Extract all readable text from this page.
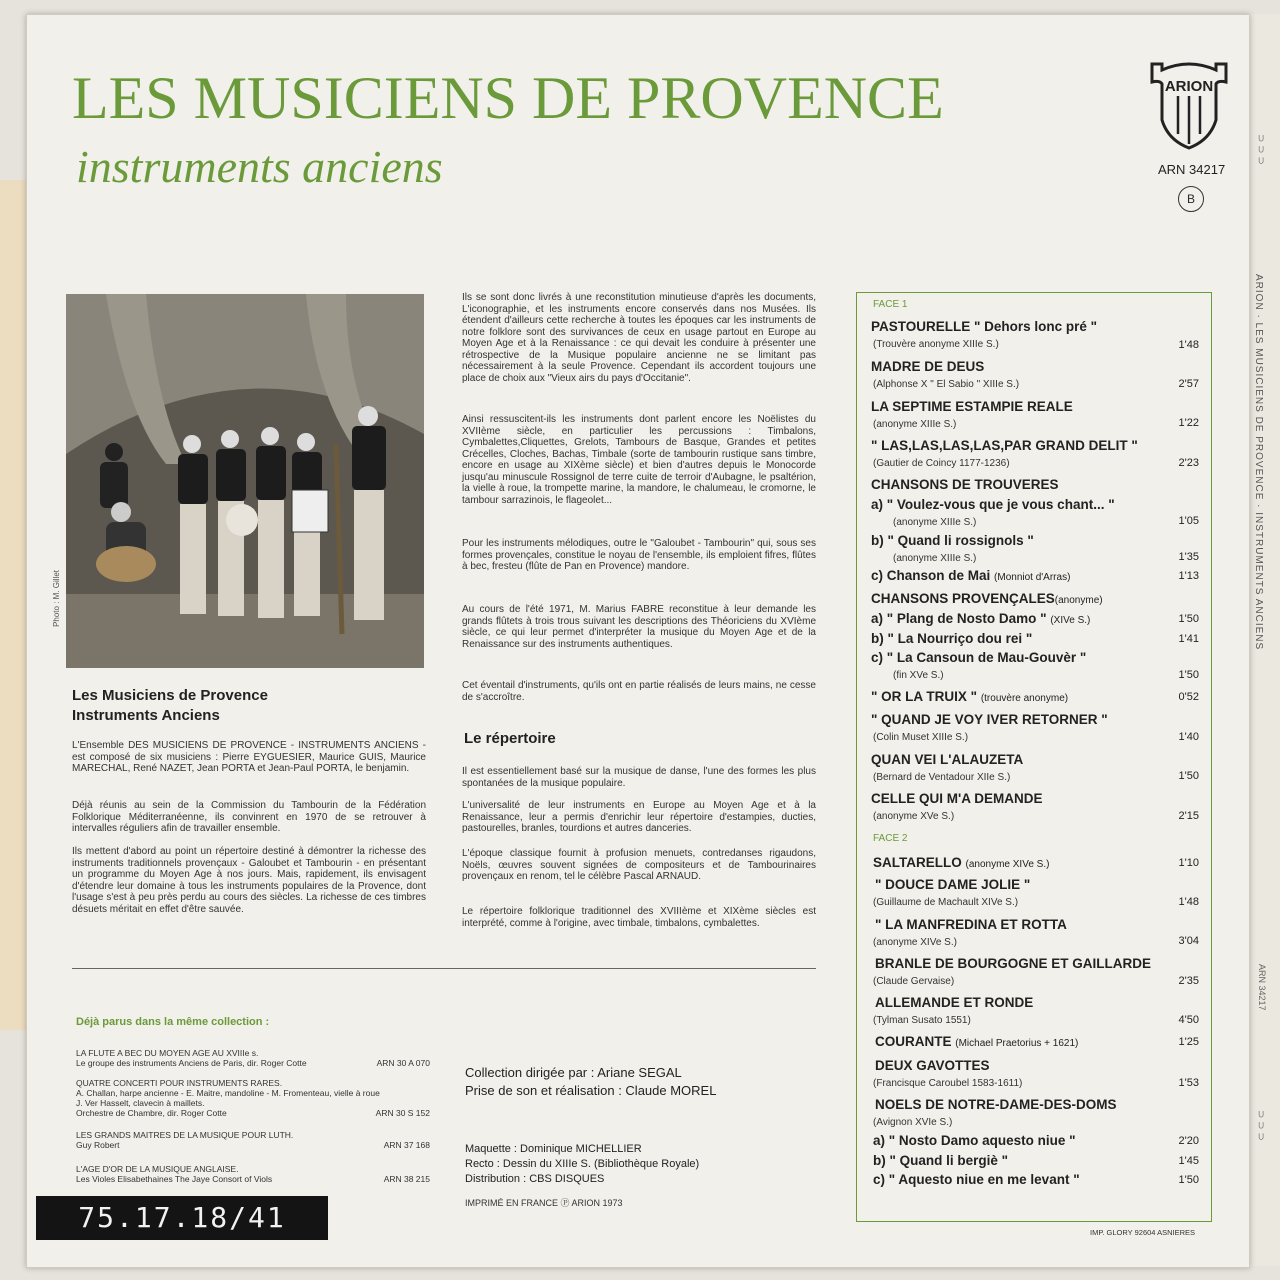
⊃ ⊃ ⊃
ARION · LES MUSICIENS DE PROVENCE · INSTRUMENTS ANCIENS
ARN 34217
⊃ ⊃ ⊃
LES MUSICIENS DE PROVENCE
instruments anciens
ARION
ARN 34217
B
Photo : M. Gillet
Les Musiciens de Provence
Instruments Anciens
L'Ensemble DES MUSICIENS DE PROVENCE - INSTRUMENTS ANCIENS - est composé de six musiciens : Pierre EYGUESIER, Maurice GUIS, Maurice MARECHAL, René NAZET, Jean PORTA et Jean-Paul PORTA, le benjamin.
Déjà réunis au sein de la Commission du Tambourin de la Fédération Folklorique Méditerranéenne, ils convinrent en 1970 de se retrouver à intervalles réguliers afin de travailler ensemble.
Ils mettent d'abord au point un répertoire destiné à démontrer la richesse des instruments traditionnels provençaux - Galoubet et Tambourin - en présentant un programme du Moyen Age à nos jours. Mais, rapidement, ils envisagent d'étendre leur domaine à tous les instruments populaires de la Provence, dont l'usage s'est à peu près perdu au cours des siècles. La richesse de ces timbres désuets méritait en effet d'être sauvée.
Ils se sont donc livrés à une reconstitution minutieuse d'après les documents, L'iconographie, et les instruments encore conservés dans nos Musées. Ils étendent d'ailleurs cette recherche à toutes les époques car les instruments de notre folklore sont des survivances de ceux en usage partout en Europe au Moyen Age et à la Renaissance : ce qui devait les conduire à présenter une rétrospective de la Musique populaire ancienne ne se limitant pas nécessairement à la seule Provence. Cependant ils accordent toujours une place de choix aux "Vieux airs du pays d'Occitanie".
Ainsi ressuscitent-ils les instruments dont parlent encore les Noëlistes du XVIIème siècle, en particulier les percussions : Timbalons, Cymbalettes,Cliquettes, Grelots, Tambours de Basque, Grandes et petites Crécelles, Cloches, Bachas, Timbale (sorte de tambourin rustique sans timbre, encore en usage au XIXème siècle) et bien d'autres depuis le Monocorde jusqu'au minuscule Rossignol de terre cuite de terroir d'Aubagne, le psaltérion, la vielle à roue, la trompette marine, la mandore, le chalumeau, le cromorne, le tambour sarrazinois, le flageolet...
Pour les instruments mélodiques, outre le "Galoubet - Tambourin" qui, sous ses formes provençales, constitue le noyau de l'ensemble, ils emploient fifres, flûtes à bec, fresteu (flûte de Pan en Provence) mandore.
Au cours de l'été 1971, M. Marius FABRE reconstitue à leur demande les grands flûtets à trois trous suivant les descriptions des Théoriciens du XVIème siècle, ce qui leur permet d'interpréter la musique du Moyen Age et de la Renaissance sur des instruments authentiques.
Cet éventail d'instruments, qu'ils ont en partie réalisés de leurs mains, ne cesse de s'accroître.
Le répertoire
Il est essentiellement basé sur la musique de danse, l'une des formes les plus spontanées de la musique populaire.
L'universalité de leur instruments en Europe au Moyen Age et à la Renaissance, leur a permis d'enrichir leur répertoire d'estampies, ducties, pastourelles, branles, tourdions et autres danceries.
L'époque classique fournit à profusion menuets, contredanses rigaudons, Noëls, œuvres souvent signées de compositeurs et de Tambourinaires provençaux en renom, tel le célèbre Pascal ARNAUD.
Le répertoire folklorique traditionnel des XVIIIème et XIXème siècles est interprété, comme à l'origine, avec timbale, timbalons, cymbalettes.
Déjà parus dans la même collection :
LA FLUTE A BEC DU MOYEN AGE AU XVIIIe s.
Le groupe des instruments Anciens de Paris, dir. Roger Cotte	ARN 30 A 070
QUATRE CONCERTI POUR INSTRUMENTS RARES.
A. Challan, harpe ancienne - E. Maitre, mandoline - M. Fromenteau, vielle à roue
J. Ver Hasselt, clavecin à maillets.
Orchestre de Chambre, dir. Roger Cotte	ARN 30 S 152
LES GRANDS MAITRES DE LA MUSIQUE POUR LUTH.
Guy Robert	ARN 37 168
L'AGE D'OR DE LA MUSIQUE ANGLAISE.
Les Violes Elisabethaines The Jaye Consort of Viols	ARN 38 215
Collection dirigée par : Ariane SEGAL
Prise de son et réalisation : Claude MOREL
Maquette : Dominique MICHELLIER
Recto : Dessin du XIIIe S. (Bibliothèque Royale)
Distribution : CBS DISQUES
IMPRIMÉ EN FRANCE Ⓟ ARION 1973
75.17.18/41	IMP. GLORY 92604 ASNIERES
FACE 1
PASTOURELLE " Dehors lonc pré "
(Trouvère anonyme XIIIe S.)	1'48
MADRE DE DEUS
(Alphonse X " El Sabio " XIIIe S.)	2'57
LA SEPTIME ESTAMPIE REALE
(anonyme XIIIe S.)	1'22
" LAS,LAS,LAS,LAS,PAR GRAND DELIT "
(Gautier de Coincy 1177-1236)	2'23
CHANSONS DE TROUVERES
a) " Voulez-vous que je vous chant... "
(anonyme XIIIe S.)	1'05
b) " Quand li rossignols "
(anonyme XIIIe S.)	1'35
c) Chanson de Mai (Monniot d'Arras)	1'13
CHANSONS PROVENÇALES(anonyme)
a) " Plang de Nosto Damo " (XIVe S.)	1'50
b) " La Nourriço dou rei "	1'41
c) " La Cansoun de Mau-Gouvèr "
(fin XVe S.)	1'50
" OR LA TRUIX " (trouvère anonyme)	0'52
" QUAND JE VOY IVER RETORNER "
(Colin Muset XIIIe S.)	1'40
QUAN VEI L'ALAUZETA
(Bernard de Ventadour XIIe S.)	1'50
CELLE QUI M'A DEMANDE
(anonyme XVe S.)	2'15
FACE 2
SALTARELLO (anonyme XIVe S.)	1'10
" DOUCE DAME JOLIE "
(Guillaume de Machault XIVe S.)	1'48
" LA MANFREDINA ET ROTTA
(anonyme XIVe S.)	3'04
BRANLE DE BOURGOGNE ET GAILLARDE
(Claude Gervaise)	2'35
ALLEMANDE ET RONDE
(Tylman Susato 1551)	4'50
COURANTE (Michael Praetorius + 1621)	1'25
DEUX GAVOTTES
(Francisque Caroubel 1583-1611)	1'53
NOELS DE NOTRE-DAME-DES-DOMS
(Avignon XVIe S.)
a) " Nosto Damo aquesto niue "	2'20
b) " Quand li bergiè "	1'45
c) " Aquesto niue en me levant "	1'50
